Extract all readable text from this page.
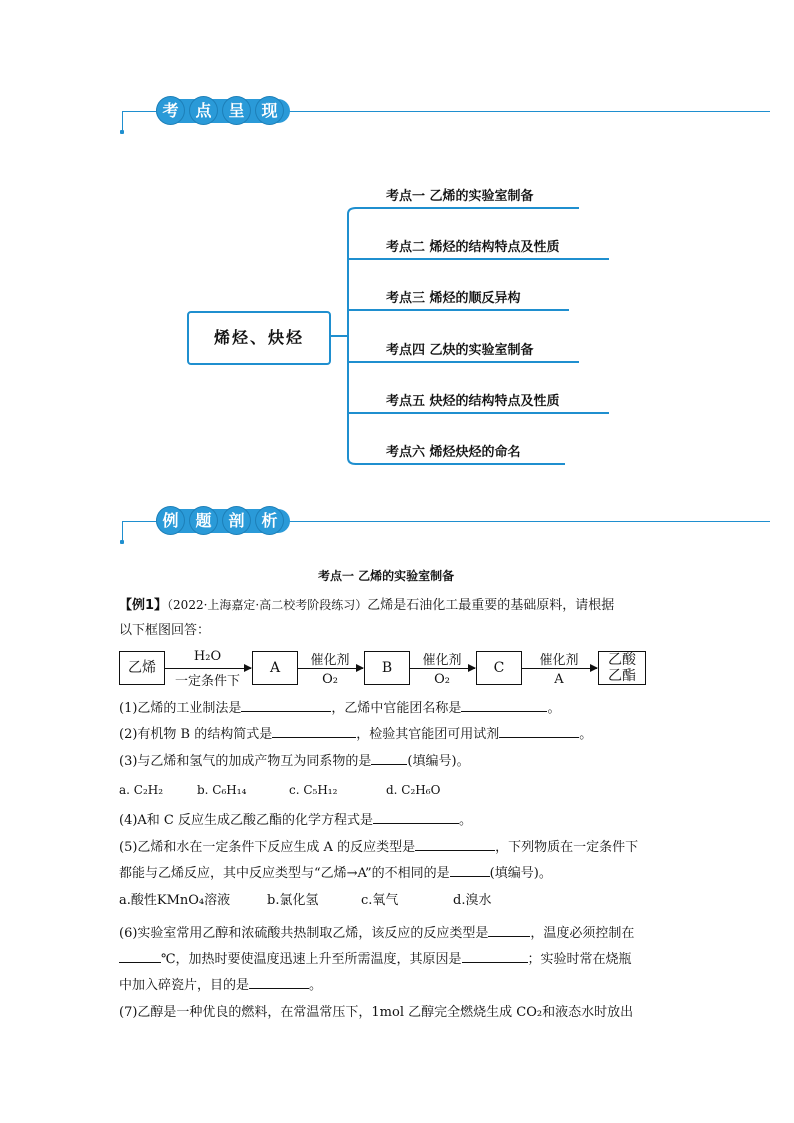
考	点	呈	现
烯烃、炔烃
考点一 乙烯的实验室制备
考点二 烯烃的结构特点及性质
考点三 烯烃的顺反异构
考点四 乙炔的实验室制备
考点五 炔烃的结构特点及性质
考点六 烯烃炔烃的命名
例	题	剖	析
考点一 乙烯的实验室制备
【例1】（2022·上海嘉定·高二校考阶段练习）乙烯是石油化工最重要的基础原料，请根据
以下框图回答：
乙烯
H₂O
一定条件下
A	催化剂
O₂
B	催化剂
O₂
C	催化剂
A
乙酸
乙酯
(1)乙烯的工业制法是	，乙烯中官能团名称是	。
(2)有机物 B 的结构简式是	，检验其官能团可用试剂	。
(3)与乙烯和氢气的加成产物互为同系物的是	(填编号)。
a. C₂H₂	b. C₆H₁₄	c. C₅H₁₂	d. C₂H₆O
(4)A和 C 反应生成乙酸乙酯的化学方程式是	。
(5)乙烯和水在一定条件下反应生成 A 的反应类型是	，下列物质在一定条件下
都能与乙烯反应，其中反应类型与“乙烯→A”的不相同的是	(填编号)。
a.酸性KMnO₄溶液	b.氯化氢	c.氧气	d.溴水
(6)实验室常用乙醇和浓硫酸共热制取乙烯，该反应的反应类型是	，温度必须控制在
℃，加热时要使温度迅速上升至所需温度，其原因是	；实验时常在烧瓶
中加入碎瓷片，目的是	。
(7)乙醇是一种优良的燃料，在常温常压下，1mol 乙醇完全燃烧生成 CO₂和液态水时放出
